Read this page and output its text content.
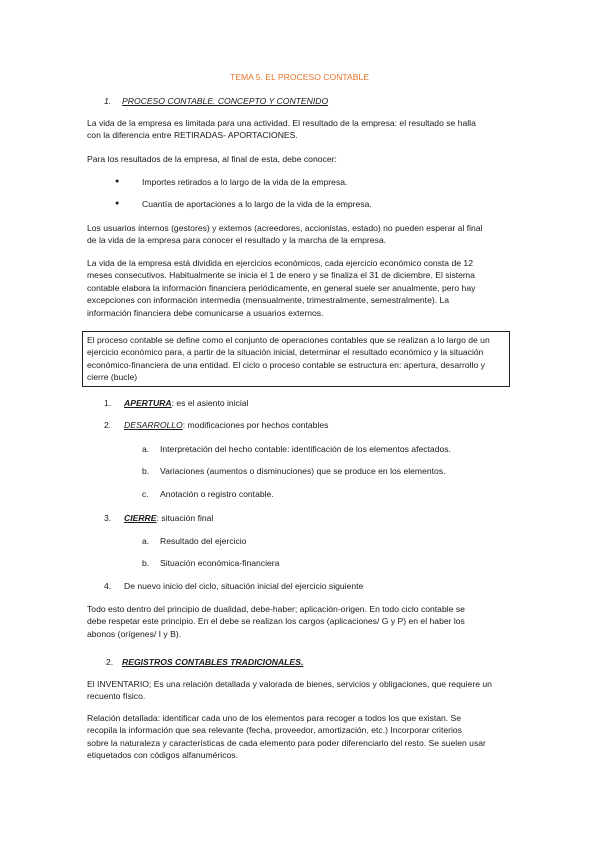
TEMA 5. EL PROCESO CONTABLE
1. PROCESO CONTABLE. CONCEPTO Y CONTENIDO
La vida de la empresa es limitada para una actividad. El resultado de la empresa: el resultado se halla
con la diferencia entre RETIRADAS- APORTACIONES.
Para los resultados de la empresa, al final de esta, debe conocer:
●	Importes retirados a lo largo de la vida de la empresa.
●	Cuantía de aportaciones a lo largo de la vida de la empresa.
Los usuarios internos (gestores) y externos (acreedores, accionistas, estado) no pueden esperar al final
de la vida de la empresa para conocer el resultado y la marcha de la empresa.
La vida de la empresa está dividida en ejercicios económicos, cada ejercicio económico consta de 12
meses consecutivos. Habitualmente se inicia el 1 de enero y se finaliza el 31 de diciembre. El sistema
contable elabora la información financiera periódicamente, en general suele ser anualmente, pero hay
excepciones con información intermedia (mensualmente, trimestralmente, semestralmente). La
información financiera debe comunicarse a usuarios externos.
El proceso contable se define como el conjunto de operaciones contables que se realizan a lo largo de un
ejercicio económico para, a partir de la situación inicial, determinar el resultado económico y la situación
económico-financiera de una entidad. El ciclo o proceso contable se estructura en: apertura, desarrollo y
cierre (bucle)
1. APERTURA: es el asiento inicial
2. DESARROLLO: modificaciones por hechos contables
a. Interpretación del hecho contable: identificación de los elementos afectados.
b. Variaciones (aumentos o disminuciones) que se produce en los elementos.
c. Anotación o registro contable.
3. CIERRE: situación final
a. Resultado del ejercicio
b. Situación económica-financiera
4. De nuevo inicio del ciclo, situación inicial del ejercicio siguiente
Todo esto dentro del principio de dualidad, debe-haber; aplicación-origen. En todo ciclo contable se
debe respetar este principio. En el debe se realizan los cargos (aplicaciones/ G y P) en el haber los
abonos (orígenes/ I y B).
2. REGISTROS CONTABLES TRADICIONALES.
El INVENTARIO; Es una relación detallada y valorada de bienes, servicios y obligaciones, que requiere un
recuento físico.
Relación detallada: identificar cada uno de los elementos para recoger a todos los que existan. Se
recopila la información que sea relevante (fecha, proveedor, amortización, etc.) Incorporar criterios
sobre la naturaleza y características de cada elemento para poder diferenciarlo del resto. Se suelen usar
etiquetados con códigos alfanuméricos.
